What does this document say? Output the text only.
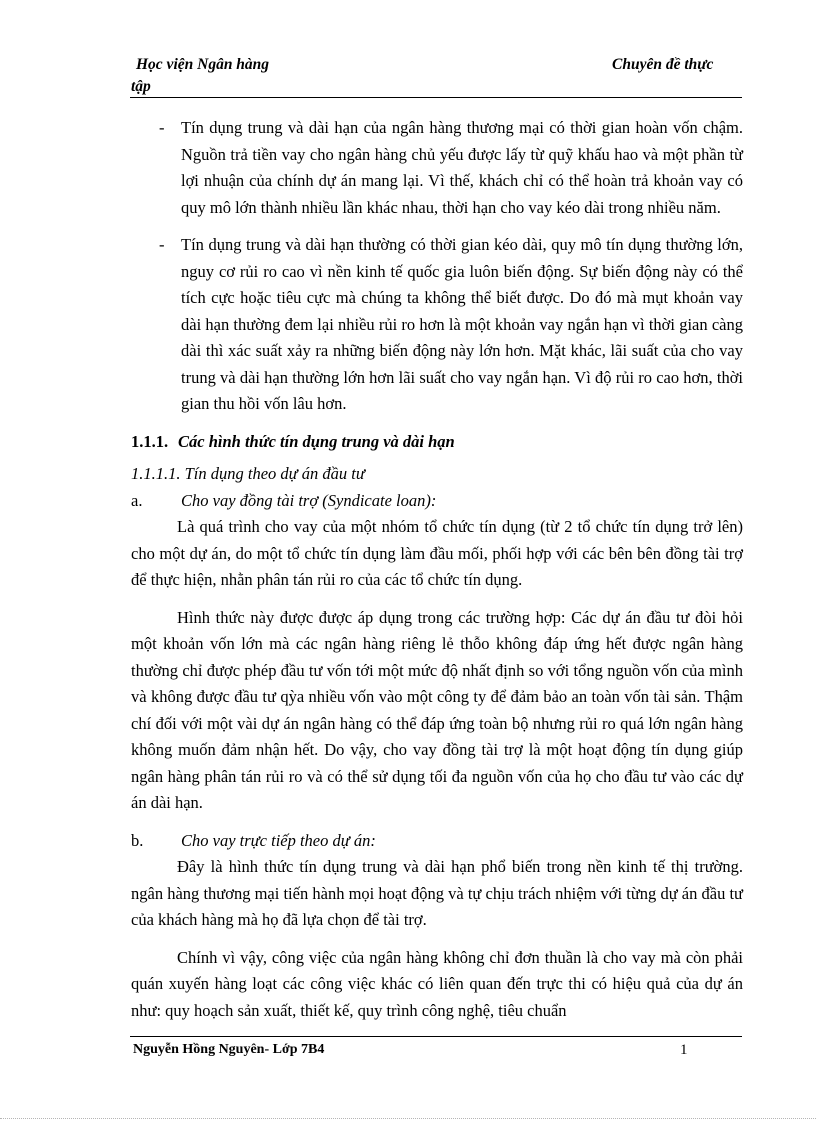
Học viện Ngân hàng	Chuyên đề thực
tập
-	Tín dụng trung và dài hạn của ngân hàng thương mại có thời gian hoàn vốn chậm. Nguồn trả tiền vay cho ngân hàng chủ yếu được lấy từ quỹ khấu hao và một phần từ lợi nhuận của chính dự án mang lại. Vì thế, khách chỉ có thể hoàn trả khoản vay có quy mô lớn thành nhiều lần khác nhau, thời hạn cho vay kéo dài trong nhiều năm.
-	Tín dụng trung và dài hạn thường có thời gian kéo dài, quy mô tín dụng thường lớn, nguy cơ rủi ro cao vì nền kinh tế quốc gia luôn biến động. Sự biến động này có thể tích cực hoặc tiêu cực mà chúng ta không thể biết được. Do đó mà mụt khoản vay dài hạn thường đem lại nhiều rủi ro hơn là một khoản vay ngắn hạn vì thời gian càng dài thì xác suất xảy ra những biến động này lớn hơn. Mặt khác, lãi suất của cho vay trung và dài hạn thường lớn hơn lãi suất cho vay ngắn hạn. Vì độ rủi ro cao hơn, thời gian thu hồi vốn lâu hơn.
1.1.1. Các hình thức tín dụng trung và dài hạn
1.1.1.1. Tín dụng theo dự án đầu tư
a.	Cho vay đồng tài trợ (Syndicate loan):
Là quá trình cho vay của một nhóm tổ chức tín dụng (từ 2 tổ chức tín dụng trở lên) cho một dự án, do một tổ chức tín dụng làm đầu mối, phối hợp với các bên bên đồng tài trợ để thực hiện, nhằn phân tán rủi ro của các tổ chức tín dụng.
Hình thức này được được áp dụng trong các trường hợp: Các dự án đầu tư đòi hỏi một khoản vốn lớn mà các ngân hàng riêng lẻ thỗo không đáp ứng hết được ngân hàng thường chỉ được phép đầu tư vốn tới một mức độ nhất định so với tổng nguồn vốn của mình và không được đầu tư qỳa nhiều vốn vào một công ty để đảm bảo an toàn vốn tài sản. Thậm chí đối với một vài dự án ngân hàng có thể đáp ứng toàn bộ nhưng rủi ro quá lớn ngân hàng không muốn đảm nhận hết. Do vậy, cho vay đồng tài trợ là một hoạt động tín dụng giúp ngân hàng phân tán rủi ro và có thể sử dụng tối đa nguồn vốn của họ cho đầu tư vào các dự án dài hạn.
b.	Cho vay trực tiếp theo dự án:
Đây là hình thức tín dụng trung và dài hạn phổ biến trong nền kinh tế thị trường. ngân hàng thương mại tiến hành mọi hoạt động và tự chịu trách nhiệm với từng dự án đầu tư của khách hàng mà họ đã lựa chọn để tài trợ.
Chính vì vậy, công việc của ngân hàng không chỉ đơn thuần là cho vay mà còn phải quán xuyến hàng loạt các công việc khác có liên quan đến trực thi có hiệu quả của dự án như: quy hoạch sản xuất, thiết kế, quy trình công nghệ, tiêu chuẩn
Nguyễn Hồng Nguyên- Lớp 7B4	1
